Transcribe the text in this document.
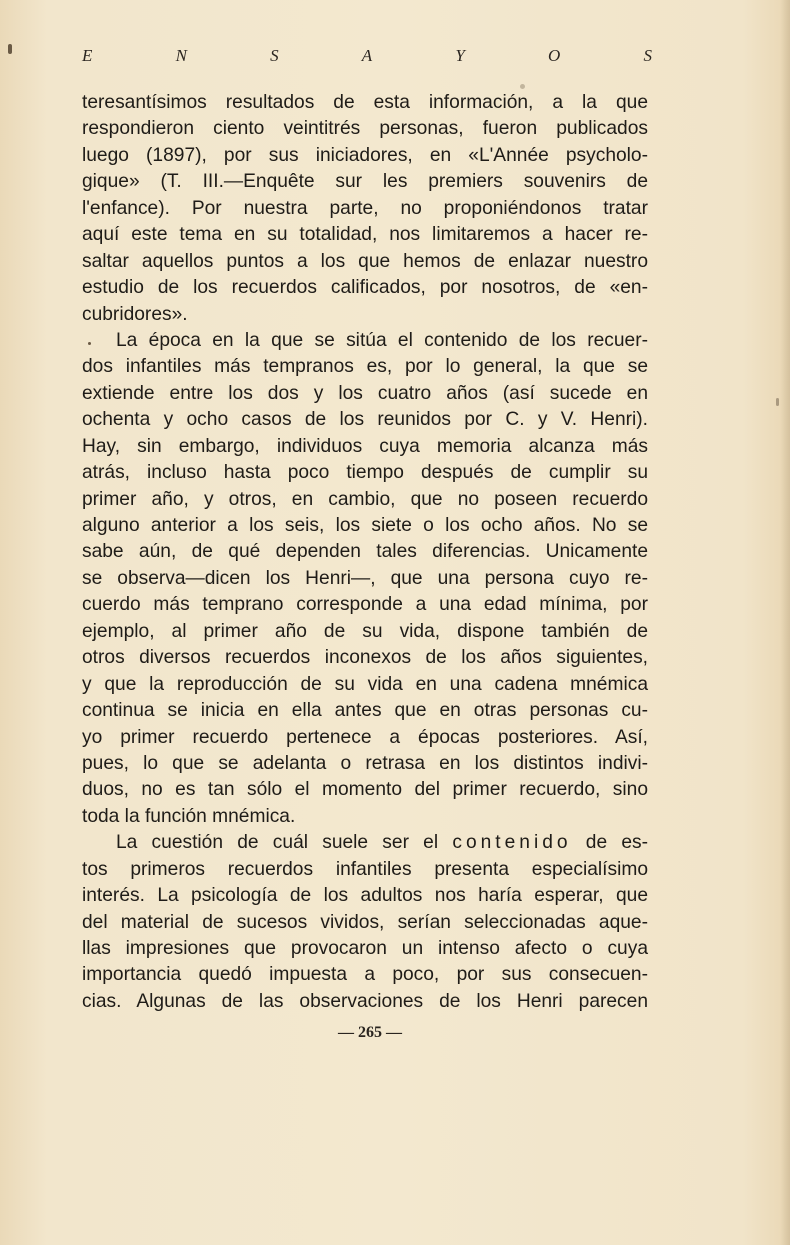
E	N	S	A	Y	O	S
teresantísimos resultados de esta información, a la que
respondieron ciento veintitrés personas, fueron publicados
luego (1897), por sus iniciadores, en «L'Année psycholo-
gique» (T. III.—Enquête sur les premiers souvenirs de
l'enfance). Por nuestra parte, no proponiéndonos tratar
aquí este tema en su totalidad, nos limitaremos a hacer re-
saltar aquellos puntos a los que hemos de enlazar nuestro
estudio de los recuerdos calificados, por nosotros, de «en-
cubridores».
La época en la que se sitúa el contenido de los recuer-
dos infantiles más tempranos es, por lo general, la que se
extiende entre los dos y los cuatro años (así sucede en
ochenta y ocho casos de los reunidos por C. y V. Henri).
Hay, sin embargo, individuos cuya memoria alcanza más
atrás, incluso hasta poco tiempo después de cumplir su
primer año, y otros, en cambio, que no poseen recuerdo
alguno anterior a los seis, los siete o los ocho años. No se
sabe aún, de qué dependen tales diferencias. Unicamente
se observa—dicen los Henri—, que una persona cuyo re-
cuerdo más temprano corresponde a una edad mínima, por
ejemplo, al primer año de su vida, dispone también de
otros diversos recuerdos inconexos de los años siguientes,
y que la reproducción de su vida en una cadena mnémica
continua se inicia en ella antes que en otras personas cu-
yo primer recuerdo pertenece a épocas posteriores. Así,
pues, lo que se adelanta o retrasa en los distintos indivi-
duos, no es tan sólo el momento del primer recuerdo, sino
toda la función mnémica.
La cuestión de cuál suele ser el contenido de es-
tos primeros recuerdos infantiles presenta especialísimo
interés. La psicología de los adultos nos haría esperar, que
del material de sucesos vividos, serían seleccionadas aque-
llas impresiones que provocaron un intenso afecto o cuya
importancia quedó impuesta a poco, por sus consecuen-
cias. Algunas de las observaciones de los Henri parecen
— 265 —
